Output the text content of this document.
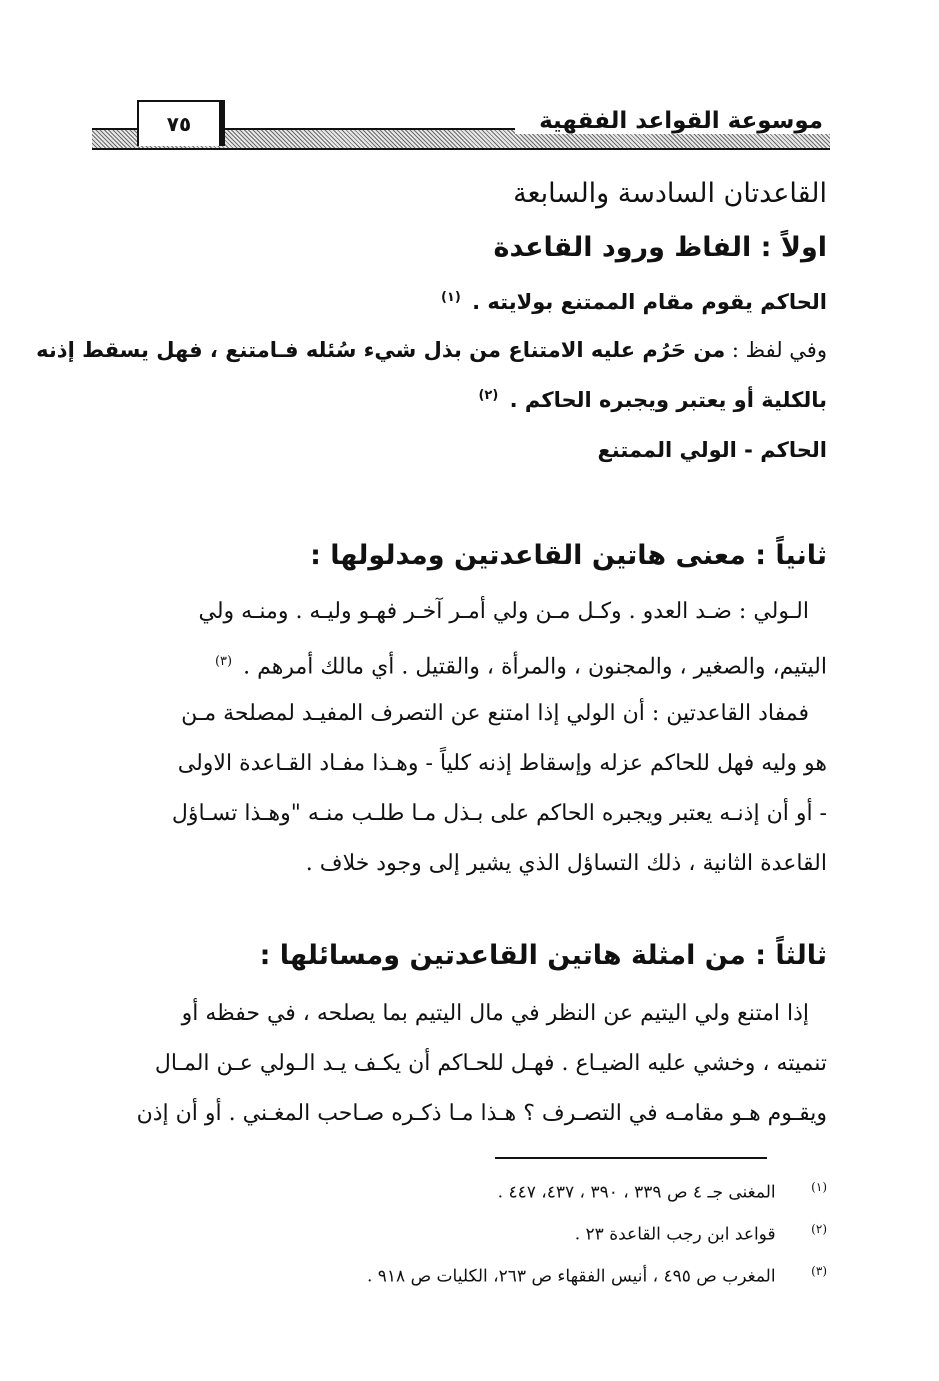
٧٥	موسوعة القواعد الفقهية
القاعدتان السادسة والسابعة
اولاً : الفاظ ورود القاعدة
الحاكم يقوم مقام الممتنع بولايته . $^{(١)}$
وفي لفظ : من حَرُم عليه الامتناع من بذل شيء سُئله فـامتنع ، فهل يسقط إذنه
بالكلية أو يعتبر ويجبره الحاكم . $^{(٢)}$
الحاكم - الولي الممتنع
ثانياً : معنى هاتين القاعدتين ومدلولها :
الـولي : ضـد العدو . وكـل مـن ولي أمـر آخـر فهـو وليـه . ومنـه ولي
اليتيم، والصغير ، والمجنون ، والمرأة ، والقتيل . أي مالك أمرهم . $^{(٣)}$
فمفاد القاعدتين : أن الولي إذا امتنع عن التصرف المفيـد لمصلحة مـن
هو وليه فهل للحاكم عزله وإسقاط إذنه كلياً - وهـذا مفـاد القـاعدة الاولى
- أو أن إذنـه يعتبر ويجبره الحاكم على بـذل مـا طلـب منـه "وهـذا تسـاؤل
القاعدة الثانية ، ذلك التساؤل الذي يشير إلى وجود خلاف .
ثالثاً : من امثلة هاتين القاعدتين ومسائلها :
إذا امتنع ولي اليتيم عن النظر في مال اليتيم بما يصلحه ، في حفظه أو
تنميته ، وخشي عليه الضيـاع . فهـل للحـاكم أن يكـف يـد الـولي عـن المـال
ويقـوم هـو مقامـه في التصـرف ؟ هـذا مـا ذكـره صـاحب المغـني . أو أن إذن
(١) المغنى جـ ٤ ص ٣٣٩ ، ٣٩٠ ، ٤٣٧، ٤٤٧ .
(٢) قواعد ابن رجب القاعدة ٢٣ .
(٣) المغرب ص ٤٩٥ ، أنيس الفقهاء ص ٢٦٣، الكليات ص ٩١٨ .
